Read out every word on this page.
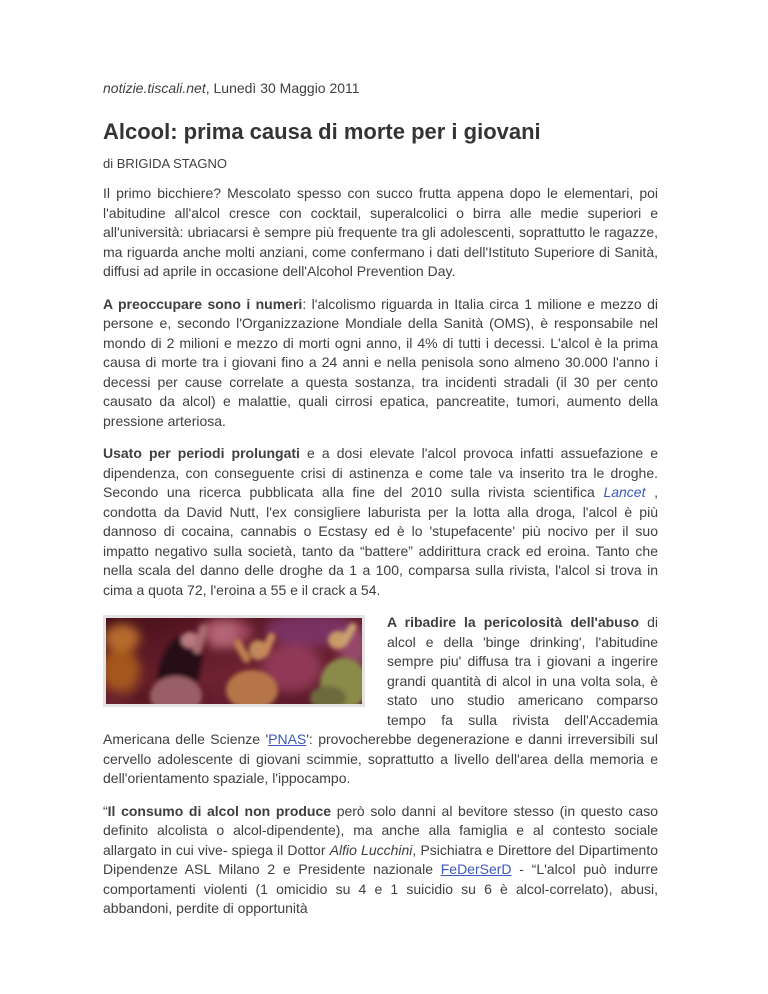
notizie.tiscali.net, Lunedì 30 Maggio 2011
Alcool: prima causa di morte per i giovani
di BRIGIDA STAGNO

Il primo bicchiere? Mescolato spesso con succo frutta appena dopo le elementari, poi l'abitudine all'alcol cresce con cocktail, superalcolici o birra alle medie superiori e all'università: ubriacarsi è sempre più frequente tra gli adolescenti, soprattutto le ragazze, ma riguarda anche molti anziani, come confermano i dati dell'Istituto Superiore di Sanità, diffusi ad aprile in occasione dell'Alcohol Prevention Day.

A preoccupare sono i numeri: l'alcolismo riguarda in Italia circa 1 milione e mezzo di persone e, secondo l'Organizzazione Mondiale della Sanità (OMS), è responsabile nel mondo di 2 milioni e mezzo di morti ogni anno, il 4% di tutti i decessi. L'alcol è la prima causa di morte tra i giovani fino a 24 anni e nella penisola sono almeno 30.000 l'anno i decessi per cause correlate a questa sostanza, tra incidenti stradali (il 30 per cento causato da alcol) e malattie, quali cirrosi epatica, pancreatite, tumori, aumento della pressione arteriosa.

Usato per periodi prolungati e a dosi elevate l'alcol provoca infatti assuefazione e dipendenza, con conseguente crisi di astinenza e come tale va inserito tra le droghe. Secondo una ricerca pubblicata alla fine del 2010 sulla rivista scientifica Lancet , condotta da David Nutt, l'ex consigliere laburista per la lotta alla droga, l'alcol è più dannoso di cocaina, cannabis o Ecstasy ed è lo 'stupefacente' più nocivo per il suo impatto negativo sulla società, tanto da “battere” addirittura crack ed eroina. Tanto che nella scala del danno delle droghe da 1 a 100, comparsa sulla rivista, l'alcol si trova in cima a quota 72, l'eroina a 55 e il crack a 54.

A ribadire la pericolosità dell'abuso di alcol e della 'binge drinking', l'abitudine sempre piu' diffusa tra i giovani a ingerire grandi quantità di alcol in una volta sola, è stato uno studio americano comparso tempo fa sulla rivista dell'Accademia Americana delle Scienze 'PNAS': provocherebbe degenerazione e danni irreversibili sul cervello adolescente di giovani scimmie, soprattutto a livello dell'area della memoria e dell'orientamento spaziale, l'ippocampo.

“Il consumo di alcol non produce però solo danni al bevitore stesso (in questo caso definito alcolista o alcol-dipendente), ma anche alla famiglia e al contesto sociale allargato in cui vive- spiega il Dottor Alfio Lucchini, Psichiatra e Direttore del Dipartimento Dipendenze ASL Milano 2 e Presidente nazionale FeDerSerD - “L'alcol può indurre comportamenti violenti (1 omicidio su 4 e 1 suicidio su 6 è alcol-correlato), abusi, abbandoni, perdite di opportunità
